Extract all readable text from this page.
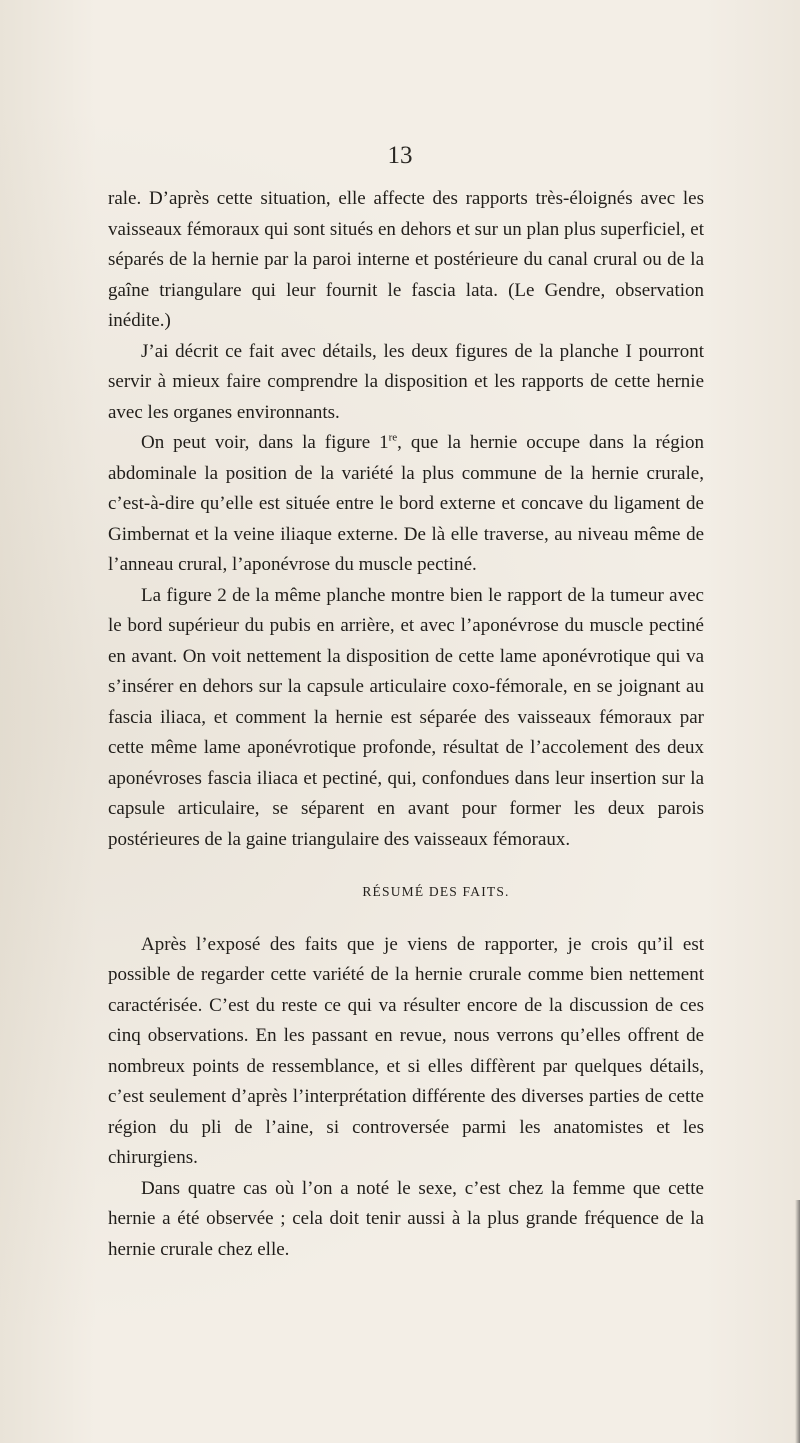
13

rale. D’après cette situation, elle affecte des rapports très-éloignés avec les vaisseaux fémoraux qui sont situés en dehors et sur un plan plus superficiel, et séparés de la hernie par la paroi interne et postérieure du canal crural ou de la gaîne triangulare qui leur fournit le fascia lata. (Le Gendre, observation inédite.)

J’ai décrit ce fait avec détails, les deux figures de la planche I pourront servir à mieux faire comprendre la disposition et les rapports de cette hernie avec les organes environnants.

On peut voir, dans la figure 1re, que la hernie occupe dans la région abdominale la position de la variété la plus commune de la hernie crurale, c’est-à-dire qu’elle est située entre le bord externe et concave du ligament de Gimbernat et la veine iliaque externe. De là elle traverse, au niveau même de l’anneau crural, l’aponévrose du muscle pectiné.

La figure 2 de la même planche montre bien le rapport de la tumeur avec le bord supérieur du pubis en arrière, et avec l’aponévrose du muscle pectiné en avant. On voit nettement la disposition de cette lame aponévrotique qui va s’insérer en dehors sur la capsule articulaire coxo-fémorale, en se joignant au fascia iliaca, et comment la hernie est séparée des vaisseaux fémoraux par cette même lame aponévrotique profonde, résultat de l’accolement des deux aponévroses fascia iliaca et pectiné, qui, confondues dans leur insertion sur la capsule articulaire, se séparent en avant pour former les deux parois postérieures de la gaine triangulaire des vaisseaux fémoraux.

RÉSUMÉ DES FAITS.

Après l’exposé des faits que je viens de rapporter, je crois qu’il est possible de regarder cette variété de la hernie crurale comme bien nettement caractérisée. C’est du reste ce qui va résulter encore de la discussion de ces cinq observations. En les passant en revue, nous verrons qu’elles offrent de nombreux points de ressemblance, et si elles diffèrent par quelques détails, c’est seulement d’après l’interprétation différente des diverses parties de cette région du pli de l’aine, si controversée parmi les anatomistes et les chirurgiens.

Dans quatre cas où l’on a noté le sexe, c’est chez la femme que cette hernie a été observée ; cela doit tenir aussi à la plus grande fréquence de la hernie crurale chez elle.
